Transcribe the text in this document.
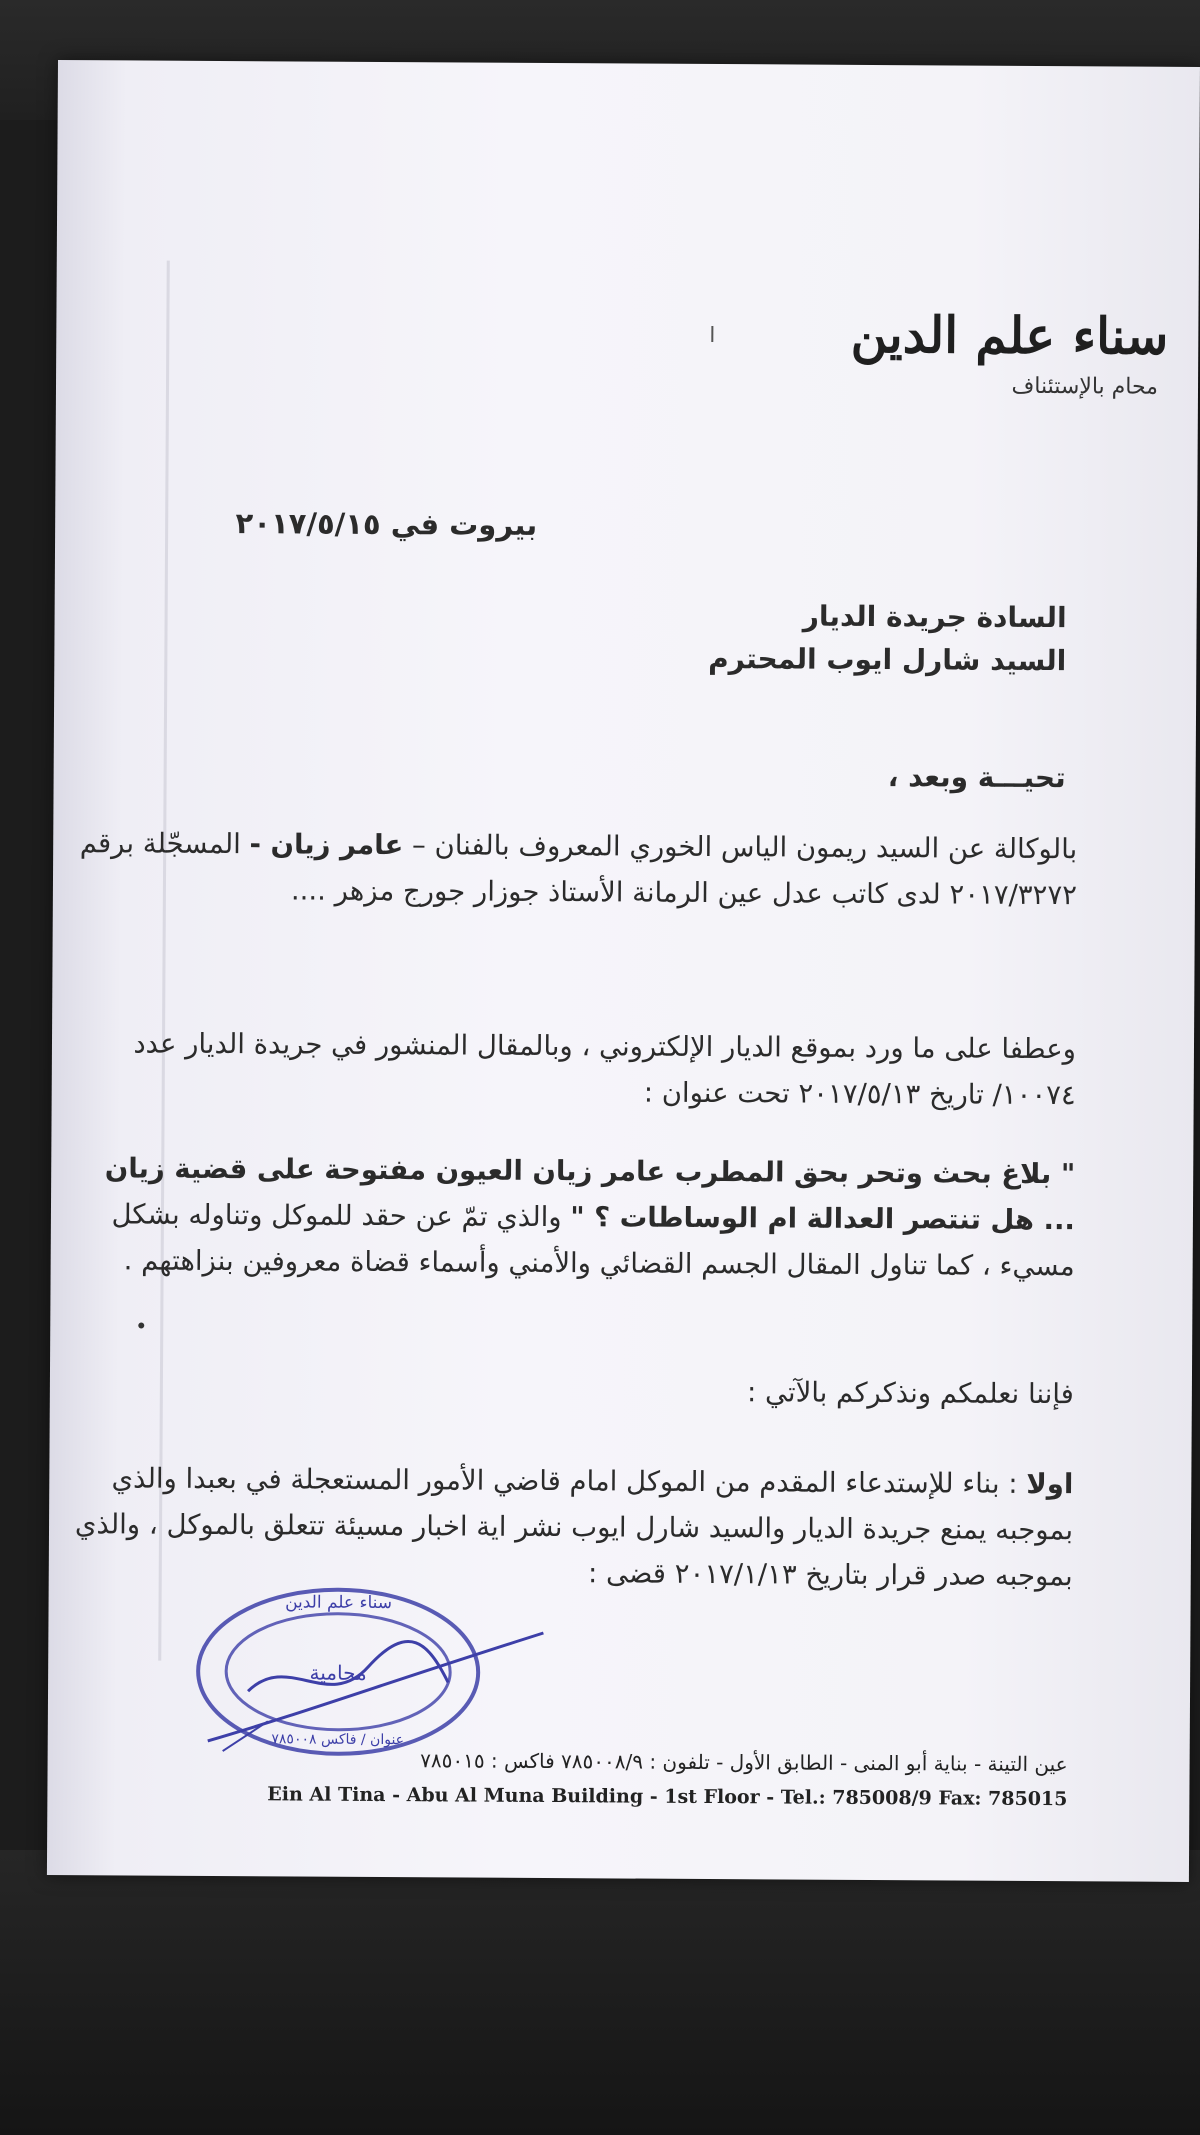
سناء علم الدين
محام بالإستئناف
بيروت في ٢٠١٧/٥/١٥
السادة جريدة الديار
السيد شارل ايوب المحترم
تحيـــة وبعد ،
بالوكالة عن السيد ريمون الياس الخوري المعروف بالفنان – عامر زيان - المسجّلة برقم ٢٠١٧/٣٢٧٢ لدى كاتب عدل عين الرمانة الأستاذ جوزار جورج مزهر ....
وعطفا على ما ورد بموقع الديار الإلكتروني ، وبالمقال المنشور في جريدة الديار عدد ١٠٠٧٤/ تاريخ ٢٠١٧/٥/١٣ تحت عنوان :
" بلاغ بحث وتحر بحق المطرب عامر زيان العيون مفتوحة على قضية زيان ... هل تنتصر العدالة ام الوساطات ؟ " والذي تمّ عن حقد للموكل وتناوله بشكل مسيء ، كما تناول المقال الجسم القضائي والأمني وأسماء قضاة معروفين بنزاهتهم .
فإننا نعلمكم ونذكركم بالآتي :
اولا : بناء للإستدعاء المقدم من الموكل امام قاضي الأمور المستعجلة في بعبدا والذي بموجبه يمنع جريدة الديار والسيد شارل ايوب نشر اية اخبار مسيئة تتعلق بالموكل ، والذي بموجبه صدر قرار بتاريخ ٢٠١٧/١/١٣ قضى :
سناء علم الدين
محامية
عنوان / فاكس ٧٨٥٠٠٨
عين التينة - بناية أبو المنى - الطابق الأول - تلفون : ٧٨٥٠٠٨/٩ فاكس : ٧٨٥٠١٥
Ein Al Tina - Abu Al Muna Building - 1st Floor - Tel.: 785008/9 Fax: 785015
